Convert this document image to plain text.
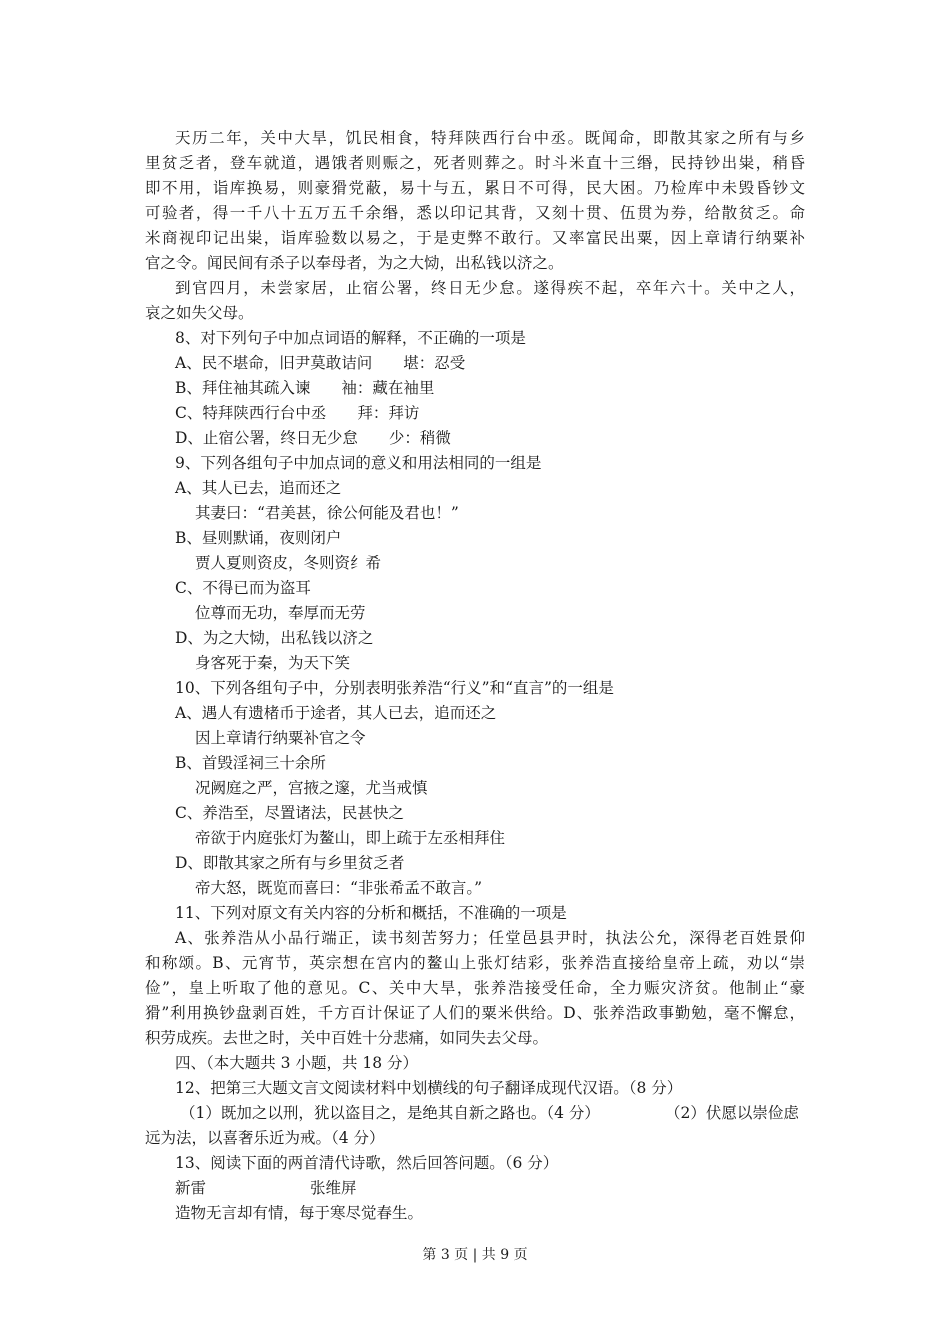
天历二年，关中大旱，饥民相食，特拜陕西行台中丞。既闻命，即散其家之所有与乡
里贫乏者，登车就道，遇饿者则赈之，死者则葬之。时斗米直十三缗，民持钞出粜，稍昏
即不用，诣库换易，则豪猾党蔽，易十与五，累日不可得，民大困。乃检库中未毁昏钞文
可验者，得一千八十五万五千余缗，悉以印记其背，又刻十贯、伍贯为券，给散贫乏。命
米商视印记出粜，诣库验数以易之，于是吏弊不敢行。又率富民出粟，因上章请行纳粟补
官之令。闻民间有杀子以奉母者，为之大恸，出私钱以济之。
到官四月，未尝家居，止宿公署，终日无少怠。遂得疾不起，卒年六十。关中之人，
哀之如失父母。
8、对下列句子中加点词语的解释，不正确的一项是
A、民不堪命，旧尹莫敢诘问　　堪：忍受
B、拜住袖其疏入谏　　袖：藏在袖里
C、特拜陕西行台中丞　　拜：拜访
D、止宿公署，终日无少怠　　少：稍微
9、下列各组句子中加点词的意义和用法相同的一组是
A、其人已去，追而还之
其妻曰：“君美甚，徐公何能及君也！”
B、昼则默诵，夜则闭户
贾人夏则资皮，冬则资纟希
C、不得已而为盗耳
位尊而无功，奉厚而无劳
D、为之大恸，出私钱以济之
身客死于秦，为天下笑
10、下列各组句子中，分别表明张养浩“行义”和“直言”的一组是
A、遇人有遗楮币于途者，其人已去，追而还之
因上章请行纳粟补官之令
B、首毁淫祠三十余所
况阙庭之严，宫掖之邃，尤当戒慎
C、养浩至，尽置诸法，民甚快之
帝欲于内庭张灯为鳌山，即上疏于左丞相拜住
D、即散其家之所有与乡里贫乏者
帝大怒，既览而喜曰：“非张希孟不敢言。”
11、下列对原文有关内容的分析和概括，不准确的一项是
A、张养浩从小品行端正，读书刻苦努力；任堂邑县尹时，执法公允，深得老百姓景仰
和称颂。B、元宵节，英宗想在宫内的鳌山上张灯结彩，张养浩直接给皇帝上疏，劝以“崇
俭”，皇上听取了他的意见。C、关中大旱，张养浩接受任命，全力赈灾济贫。他制止“豪
猾”利用换钞盘剥百姓，千方百计保证了人们的粟米供给。D、张养浩政事勤勉，毫不懈怠，
积劳成疾。去世之时，关中百姓十分悲痛，如同失去父母。
四、（本大题共 3 小题，共 18 分）
12、把第三大题文言文阅读材料中划横线的句子翻译成现代汉语。（8 分）
（1）既加之以刑，犹以盗目之，是绝其自新之路也。（4 分）	（2）伏愿以崇俭虑
远为法，以喜奢乐近为戒。（4 分）
13、阅读下面的两首清代诗歌，然后回答问题。（6 分）
新雷	张维屏
造物无言却有情，每于寒尽觉春生。
第 3 页 | 共 9 页
